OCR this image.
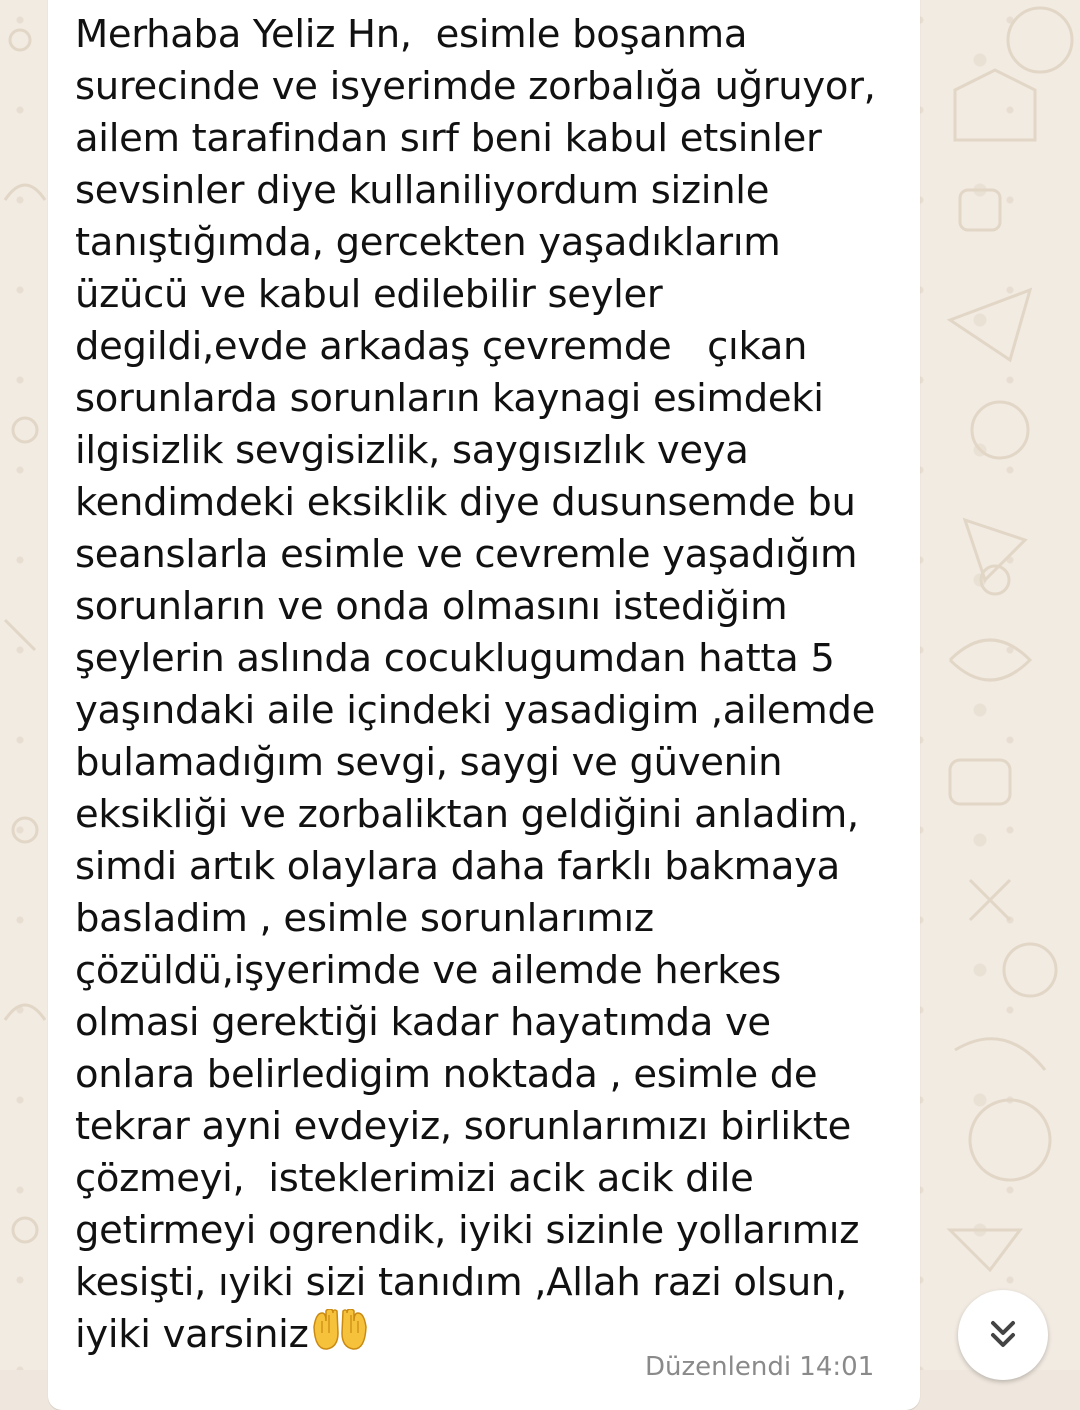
Merhaba Yeliz Hn,  esimle boşanma
surecinde ve isyerimde zorbalığa uğruyor,
ailem tarafindan sırf beni kabul etsinler
sevsinler diye kullaniliyordum sizinle
tanıştığımda, gercekten yaşadıklarım
üzücü ve kabul edilebilir seyler
degildi,evde arkadaş çevremde   çıkan
sorunlarda sorunların kaynagi esimdeki
ilgisizlik sevgisizlik, saygısızlık veya
kendimdeki eksiklik diye dusunsemde bu
seanslarla esimle ve cevremle yaşadığım
sorunların ve onda olmasını istediğim
şeylerin aslında cocuklugumdan hatta 5
yaşındaki aile içindeki yasadigim ,ailemde
bulamadığım sevgi, saygi ve güvenin
eksikliği ve zorbaliktan geldiğini anladim,
simdi artık olaylara daha farklı bakmaya
basladim , esimle sorunlarımız
çözüldü,işyerimde ve ailemde herkes
olmasi gerektiği kadar hayatımda ve
onlara belirledigim noktada , esimle de
tekrar ayni evdeyiz, sorunlarımızı birlikte
çözmeyi,  isteklerimizi acik acik dile
getirmeyi ogrendik, iyiki sizinle yollarımız
kesişti, ıyiki sizi tanıdım ,Allah razi olsun,
iyiki varsiniz
Düzenlendi 14:01
